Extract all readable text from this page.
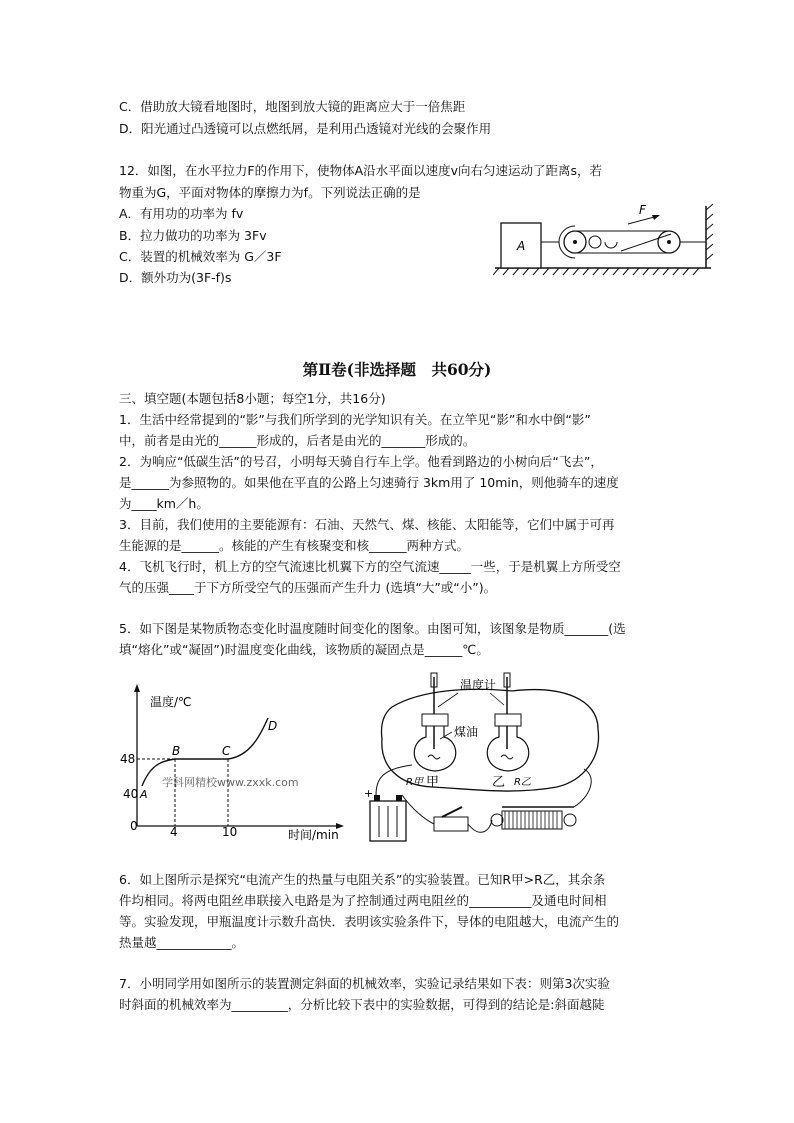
C．借助放大镜看地图时，地图到放大镜的距离应大于一倍焦距
D．阳光通过凸透镜可以点燃纸屑，是利用凸透镜对光线的会聚作用
12．如图，在水平拉力F的作用下，使物体A沿水平面以速度v向右匀速运动了距离s，若
物重为G，平面对物体的摩擦力为f。下列说法正确的是
A．有用功的功率为 fv
B．拉力做功的功率为 3Fv
C．装置的机械效率为 G／3F
D．额外功为(3F-f)s
A
F
第Ⅱ卷(非选择题　共60分)
三、填空题(本题包括8小题；每空1分，共16分)
1．生活中经常提到的“影”与我们所学到的光学知识有关。在立竿见“影”和水中倒“影”
中，前者是由光的______形成的，后者是由光的_______形成的。
2．为响应“低碳生活”的号召，小明每天骑自行车上学。他看到路边的小树向后“飞去”，
是______为参照物的。如果他在平直的公路上匀速骑行 3km用了 10min，则他骑车的速度
为____km／h。
3．目前，我们使用的主要能源有：石油、天然气、煤、核能、太阳能等，它们中属于可再
生能源的是______。核能的产生有核聚变和核______两种方式。
4．飞机飞行时，机上方的空气流速比机翼下方的空气流速_____一些，于是机翼上方所受空
气的压强____于下方所受空气的压强而产生升力 (选填“大”或“小”)。
5．如下图是某物质物态变化时温度随时间变化的图象。由图可知，该图象是物质_______(选
填“熔化”或“凝固”)时温度变化曲线，该物质的凝固点是______℃。
温度/℃
时间/min
48
40
0	4	10
A
B	C
D
学科网精校www.zxxk.com
温度计
煤油
甲	乙
R甲	R乙
+
6．如上图所示是探究“电流产生的热量与电阻关系”的实验装置。已知R甲>R乙，其余条
件均相同。将两电阻丝串联接入电路是为了控制通过两电阻丝的__________及通电时间相
等。实验发现，甲瓶温度计示数升高快．表明该实验条件下，导体的电阻越大，电流产生的
热量越____________。
7．小明同学用如图所示的装置测定斜面的机械效率，实验记录结果如下表：则第3次实验
时斜面的机械效率为_________，分析比较下表中的实验数据，可得到的结论是:斜面越陡
